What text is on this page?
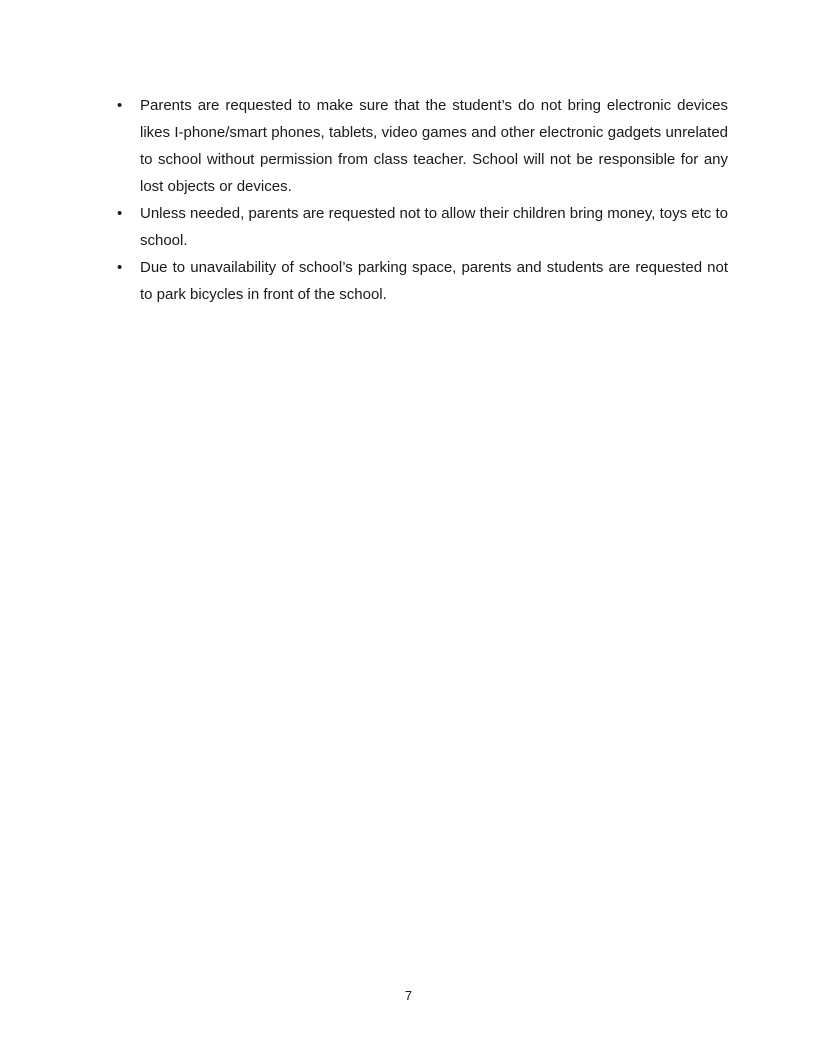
• Parents are requested to make sure that the student’s do not bring electronic devices likes I-phone/smart phones, tablets, video games and other electronic gadgets unrelated to school without permission from class teacher. School will not be responsible for any lost objects or devices.
• Unless needed, parents are requested not to allow their children bring money, toys etc to school.
• Due to unavailability of school’s parking space, parents and students are requested not to park bicycles in front of the school.
7
